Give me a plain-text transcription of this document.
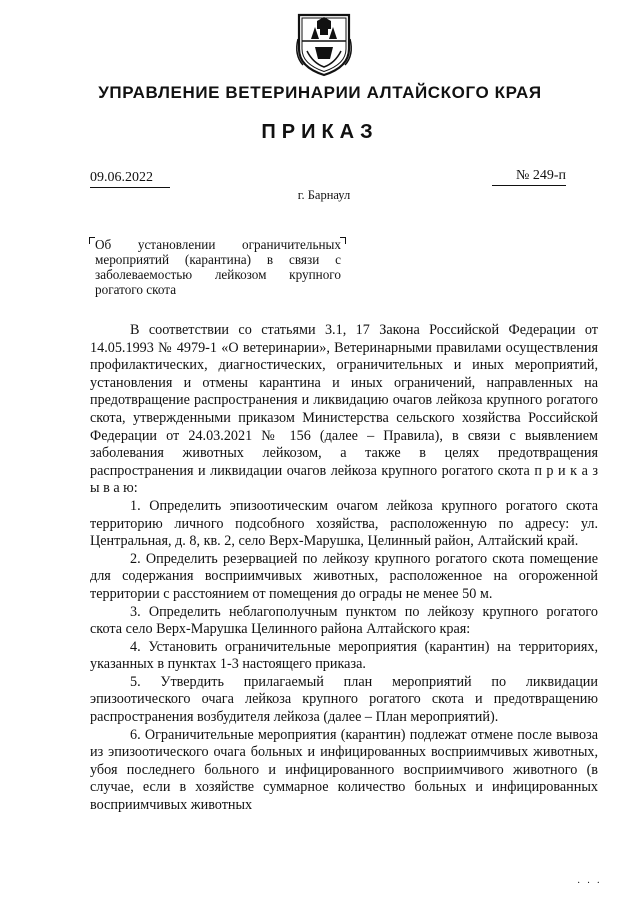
УПРАВЛЕНИЕ ВЕТЕРИНАРИИ АЛТАЙСКОГО КРАЯ
ПРИКАЗ
09.06.2022	№ 249-п
г. Барнаул
Об установлении ограничительных мероприятий (карантина) в связи с заболеваемостью лейкозом крупного рогатого скота

В соответствии со статьями 3.1, 17 Закона Российской Федерации от 14.05.1993 № 4979-1 «О ветеринарии», Ветеринарными правилами осуществления профилактических, диагностических, ограничительных и иных мероприятий, установления и отмены карантина и иных ограничений, направленных на предотвращение распространения и ликвидацию очагов лейкоза крупного рогатого скота, утвержденными приказом Министерства сельского хозяйства Российской Федерации от 24.03.2021 № 156 (далее – Правила), в связи с выявлением заболевания животных лейкозом, а также в целях предотвращения распространения и ликвидации очагов лейкоза крупного рогатого скота п р и к а з ы в а ю:

1. Определить эпизоотическим очагом лейкоза крупного рогатого скота территорию личного подсобного хозяйства, расположенную по адресу: ул. Центральная, д. 8, кв. 2, село Верх-Марушка, Целинный район, Алтайский край.

2. Определить резервацией по лейкозу крупного рогатого скота помещение для содержания восприимчивых животных, расположенное на огороженной территории с расстоянием от помещения до ограды не менее 50 м.

3. Определить неблагополучным пунктом по лейкозу крупного рогатого скота село Верх-Марушка Целинного района Алтайского края:

4. Установить ограничительные мероприятия (карантин) на территориях, указанных в пунктах 1-3 настоящего приказа.

5. Утвердить прилагаемый план мероприятий по ликвидации эпизоотического очага лейкоза крупного рогатого скота и предотвращению распространения возбудителя лейкоза (далее – План мероприятий).

6. Ограничительные мероприятия (карантин) подлежат отмене после вывоза из эпизоотического очага больных и инфицированных восприимчивых животных, убоя последнего больного и инфицированного восприимчивого животного (в случае, если в хозяйстве суммарное количество больных и инфицированных восприимчивых животных

· · ·
